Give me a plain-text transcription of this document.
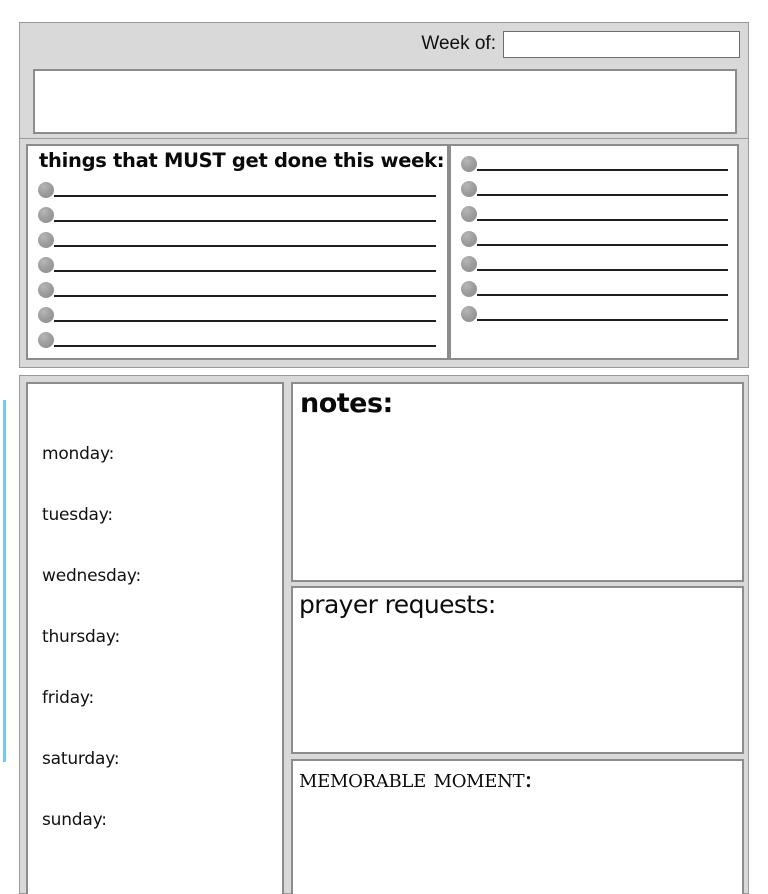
Week of:
things that MUST get done this week:
monday:
tuesday:
wednesday:
thursday:
friday:
saturday:
sunday:
notes:
prayer requests:
memorable moment:
